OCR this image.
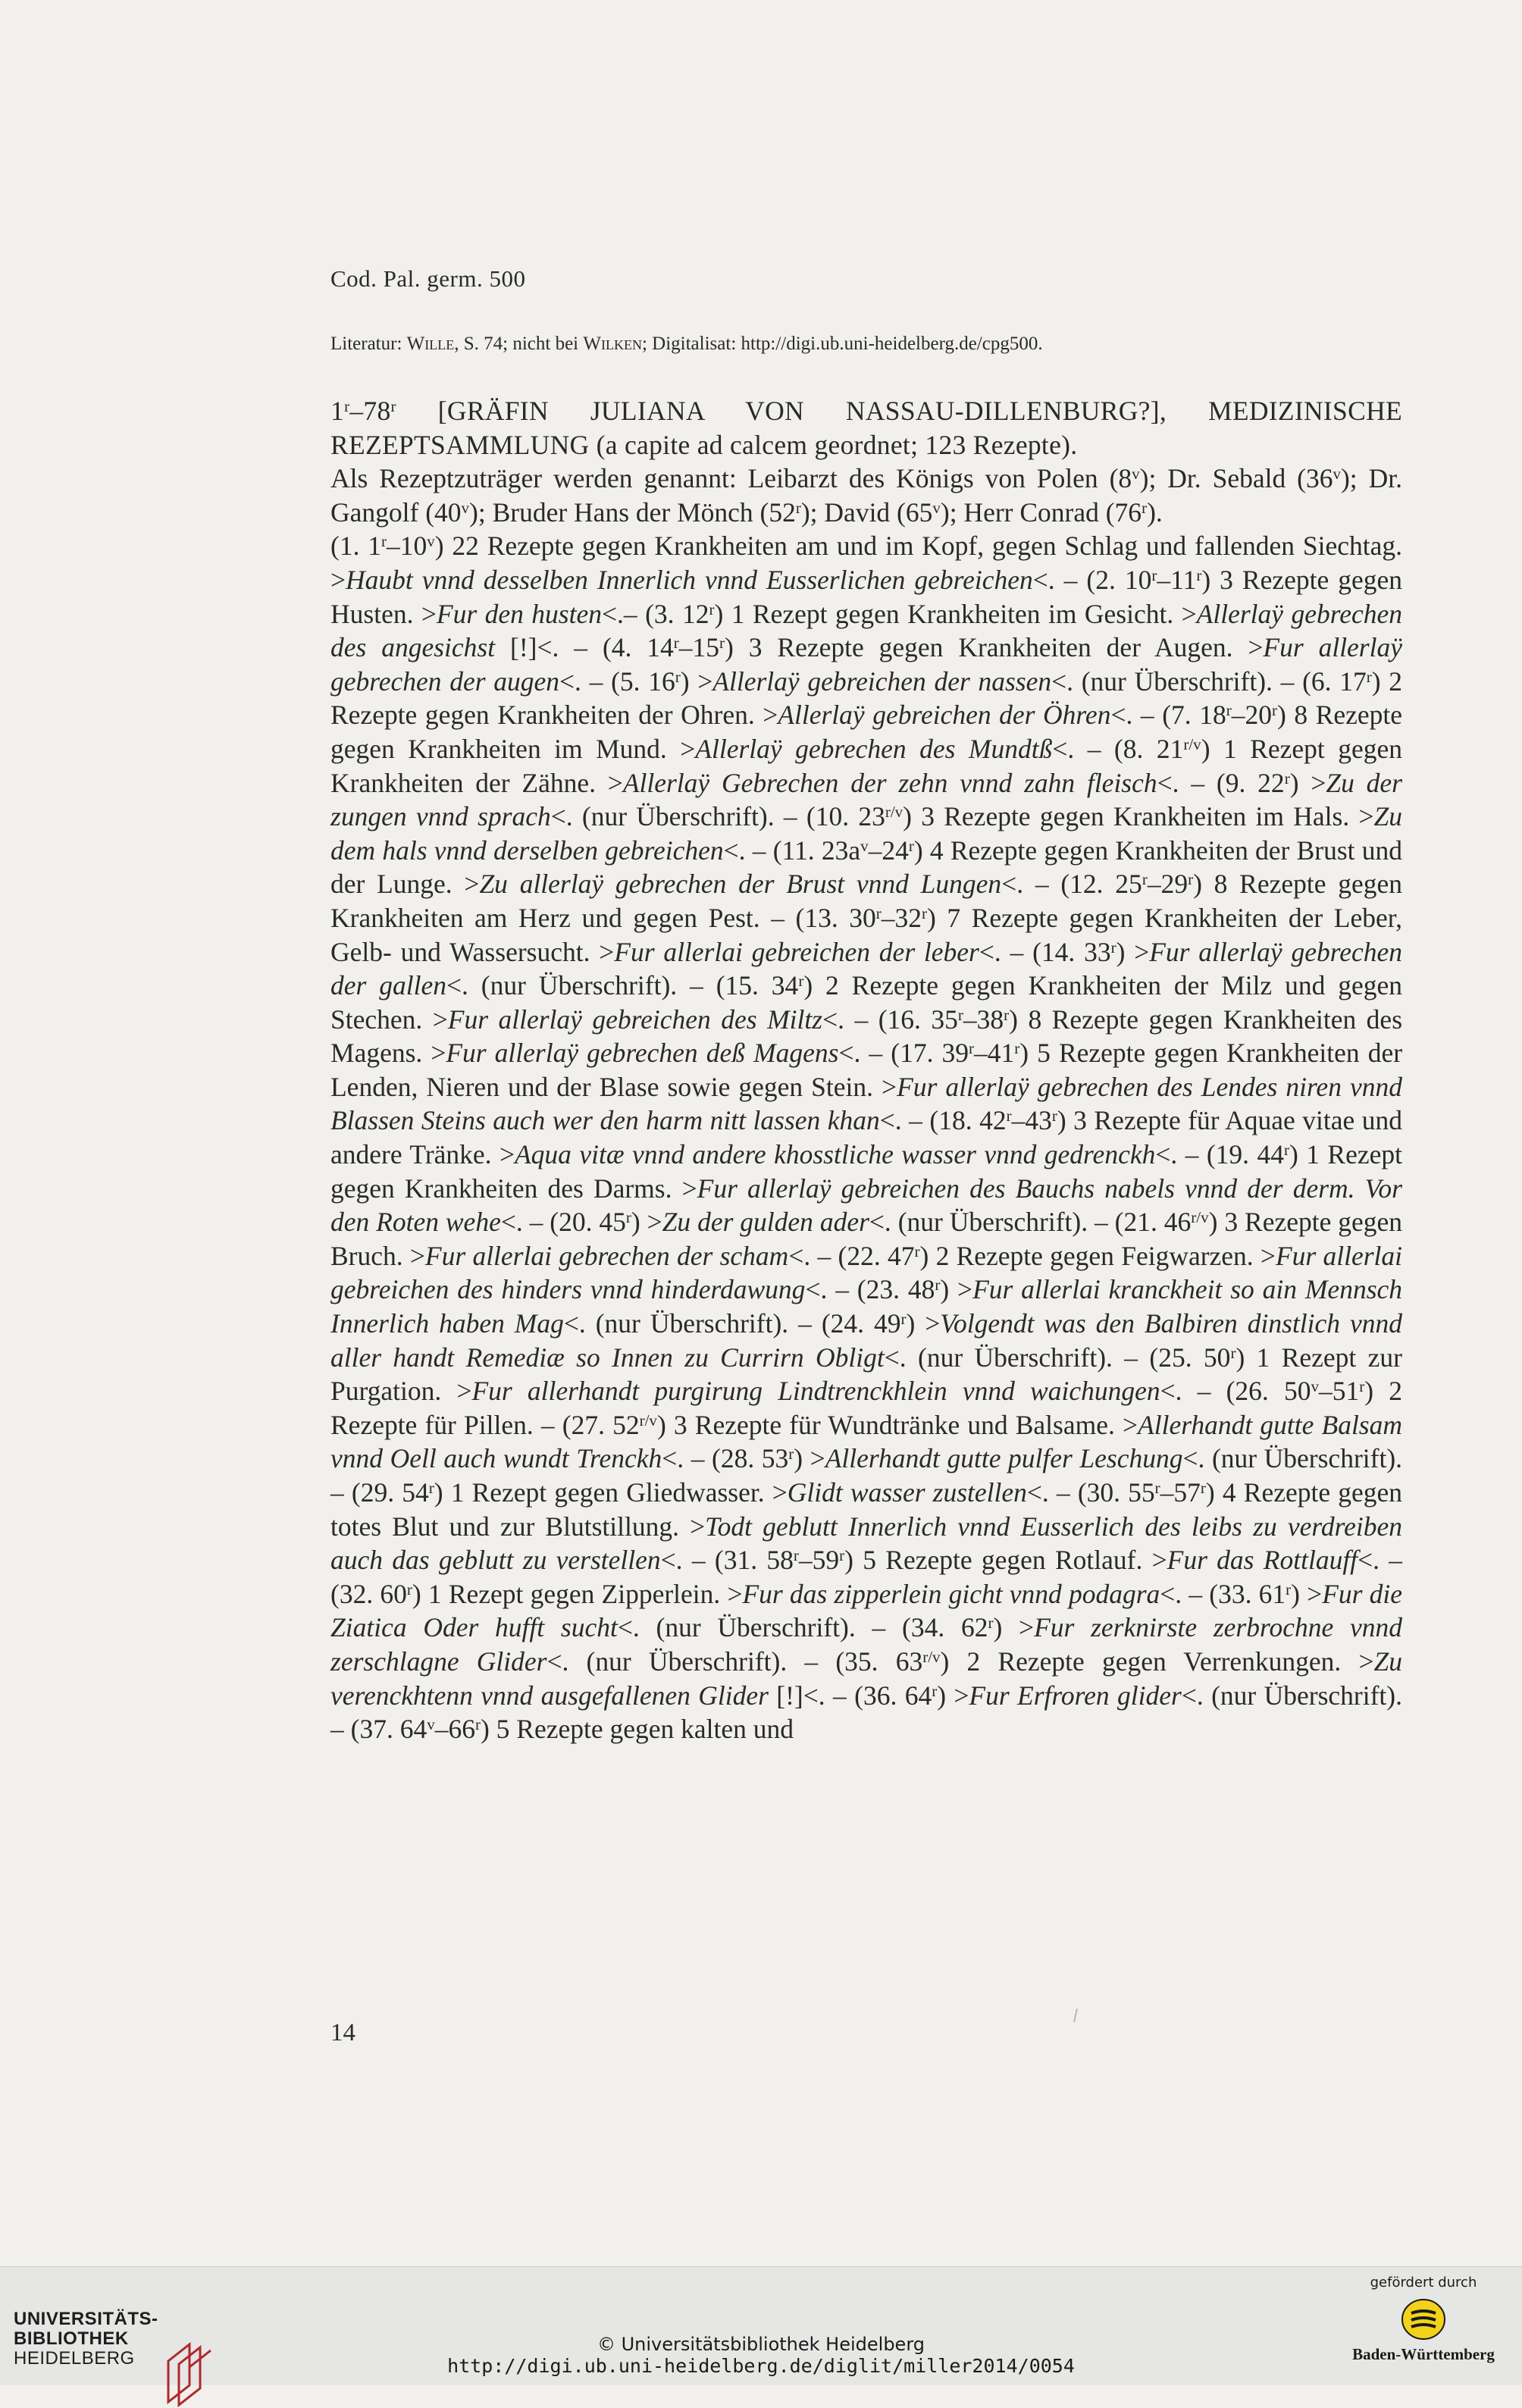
Cod. Pal. germ. 500
Literatur: Wille, S. 74; nicht bei Wilken; Digitalisat: http://digi.ub.uni-heidelberg.de/cpg500.

1$^r$–78$^r$ [GRÄFIN JULIANA VON NASSAU-DILLENBURG?], MEDIZINISCHE REZEPTSAMMLUNG (a capite ad calcem geordnet; 123 Rezepte).

Als Rezeptzuträger werden genannt: Leibarzt des Königs von Polen (8$^v$); Dr. Sebald (36$^v$); Dr. Gangolf (40$^v$); Bruder Hans der Mönch (52$^r$); David (65$^v$); Herr Conrad (76$^r$).

(1. 1$^r$–10$^v$) 22 Rezepte gegen Krankheiten am und im Kopf, gegen Schlag und fallenden Siechtag. >Haubt vnnd desselben Innerlich vnnd Eusserlichen gebreichen<. – (2. 10$^r$–11$^r$) 3 Rezepte gegen Husten. >Fur den husten<.– (3. 12$^r$) 1 Rezept gegen Krankheiten im Gesicht. >Allerlaÿ gebrechen des angesichst [!]<. – (4. 14$^r$–15$^r$) 3 Rezepte gegen Krankheiten der Augen. >Fur allerlaÿ gebrechen der augen<. – (5. $16^r$) >Allerlaÿ gebreichen der nassen<. (nur Überschrift). – (6. 17$^r$) 2 Rezepte gegen Krankheiten der Ohren. >Allerlaÿ gebreichen der Öhren<. – (7. 18$^r$–20$^r$) 8 Rezepte gegen Krankheiten im Mund. >Allerlaÿ gebrechen des Mundtß<. – (8. $21^{r/v}$) 1 Rezept gegen Krankheiten der Zähne. >Allerlaÿ Gebrechen der zehn vnnd zahn fleisch<. – (9. $22^r) >Zu$ der zungen vnnd sprach<. (nur Überschrift). – (10. $23^{r/v}$) 3 Rezepte gegen Krankheiten im Hals. >Zu dem hals vnnd derselben gebreichen<. – (11. $23a^v-24^r$) 4 Rezepte gegen Krankheiten der Brust und der Lunge. >Zu allerlaÿ gebrechen der Brust vnnd Lungen<. – (12. 25$^r$–29$^r$) 8 Rezepte gegen Krankheiten am Herz und gegen Pest. – (13. 30$^r$–32$^r$) 7 Rezepte gegen Krankheiten der Leber, Gelb- und Wassersucht. >Fur allerlai gebreichen der leber<. – (14. $33^r) >Fur$ allerlaÿ gebrechen der gallen<. (nur Überschrift). – (15. 34$^r$) 2 Rezepte gegen Krankheiten der Milz und gegen Stechen. >Fur allerlaÿ gebreichen des Miltz<. – (16. 35$^r$–38$^r$) 8 Rezepte gegen Krankheiten des Magens. >Fur allerlaÿ gebrechen deß Magens<. – (17. 39$^r$–41$^r$) 5 Rezepte gegen Krankheiten der Lenden, Nieren und der Blase sowie gegen Stein. >Fur allerlaÿ gebrechen des Lendes niren vnnd Blassen Steins auch wer den harm nitt lassen khan<. – (18. 42$^r$–43$^r$) 3 Rezepte für Aquae vitae und andere Tränke. >Aqua vitæ vnnd andere khosstliche wasser vnnd gedrenckh<. – (19. 44$^r$) 1 Rezept gegen Krankheiten des Darms. >Fur allerlaÿ gebreichen des Bauchs nabels vnnd der derm. Vor den Roten wehe<. – (20. $45^r) >Zu$ der gulden ader<. (nur Überschrift). – (21. $46^{r/v}$) 3 Rezepte gegen Bruch. >Fur allerlai gebrechen der scham<. – (22. 47$^r$) 2 Rezepte gegen Feigwarzen. >Fur allerlai gebreichen des hinders vnnd hinderdawung<. – (23. $48^r) >Fur$ allerlai kranckheit so ain Mennsch Innerlich haben Mag<. (nur Überschrift). – (24. $49^r$) >Volgendt was den Balbiren dinstlich vnnd aller handt Remediæ so Innen zu Currirn Obligt<. (nur Überschrift). – (25. 50$^r$) 1 Rezept zur Purgation. >Fur allerhandt purgirung Lindtrenckhlein vnnd waichungen<. – (26. 50$^v$–51$^r$) 2 Rezepte für Pillen. – (27. $52^{r/v}$) 3 Rezepte für Wundtränke und Balsame. >Allerhandt gutte Balsam vnnd Oell auch wundt Trenckh<. – (28. $53^r$) >Allerhandt gutte pulfer Leschung<. (nur Überschrift). – (29. 54$^r$) 1 Rezept gegen Gliedwasser. >Glidt wasser zustellen<. – (30. 55$^r$–57$^r$) 4 Rezepte gegen totes Blut und zur Blutstillung. >Todt geblutt Innerlich vnnd Eusserlich des leibs zu verdreiben auch das geblutt zu verstellen<. – (31. 58$^r$–59$^r$) 5 Rezepte gegen Rotlauf. >Fur das Rottlauff<. – (32. 60$^r$) 1 Rezept gegen Zipperlein. >Fur das zipperlein gicht vnnd podagra<. – (33. $61^r) >Fur$ die Ziatica Oder hufft sucht<. (nur Überschrift). – (34. $62^r) >Fur$ zerknirste zerbrochne vnnd zerschlagne Glider<. (nur Überschrift). – (35. $63^{r/v}$) 2 Rezepte gegen Verrenkungen. >Zu verenckhtenn vnnd ausgefallenen Glider [!]<. – (36. $64^r) >Fur$ Erfroren glider<. (nur Überschrift). – (37. 64$^v$–66$^r$) 5 Rezepte gegen kalten und

14
UNIVERSITÄTS-
BIBLIOTHEK
HEIDELBERG
© Universitätsbibliothek Heidelberg
http://digi.ub.uni-heidelberg.de/diglit/miller2014/0054
gefördert durch
Baden-Württemberg
